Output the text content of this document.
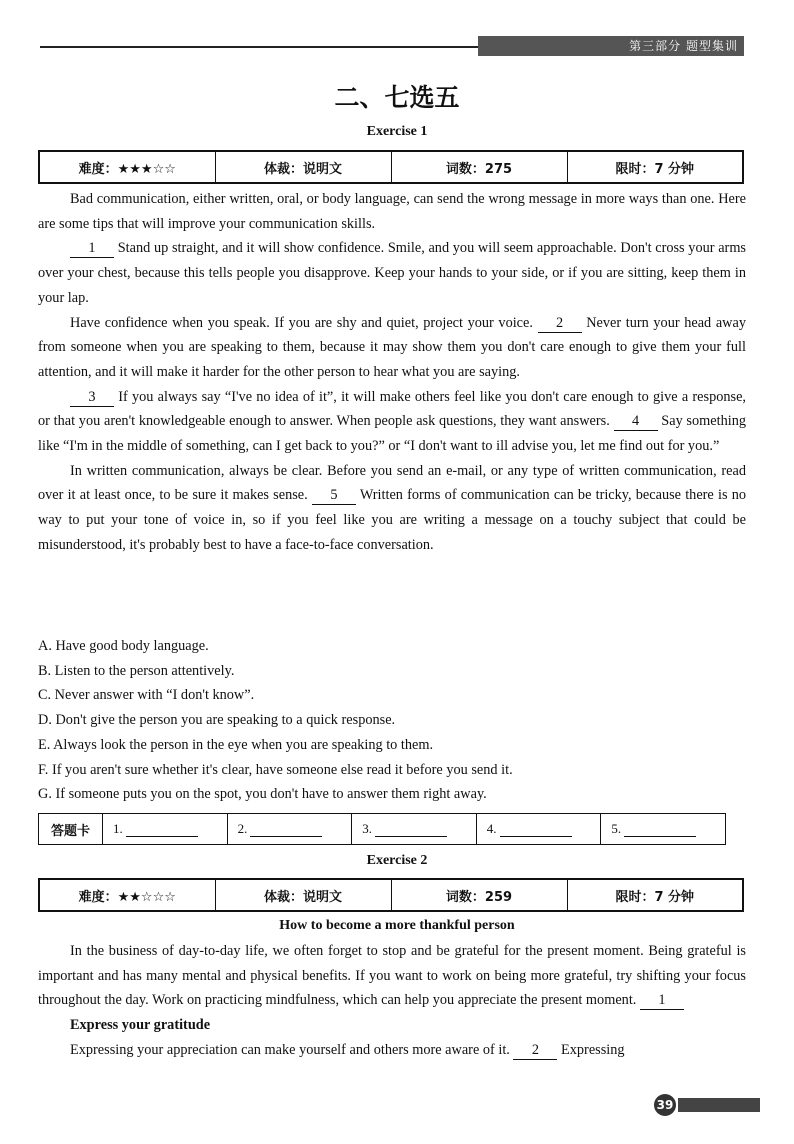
第三部分 题型集训
二、七选五
Exercise 1
难度：★★★☆☆	体裁：说明文	词数：275	限时：7 分钟

Bad communication, either written, oral, or body language, can send the wrong message in more ways than one. Here are some tips that will improve your communication skills.

1 Stand up straight, and it will show confidence. Smile, and you will seem approachable. Don't cross your arms over your chest, because this tells people you disapprove. Keep your hands to your side, or if you are sitting, keep them in your lap.

Have confidence when you speak. If you are shy and quiet, project your voice. 2 Never turn your head away from someone when you are speaking to them, because it may show them you don't care enough to give them your full attention, and it will make it harder for the other person to hear what you are saying.

3 If you always say “I've no idea of it”, it will make others feel like you don't care enough to give a response, or that you aren't knowledgeable enough to answer. When people ask questions, they want answers. 4 Say something like “I'm in the middle of something, can I get back to you?” or “I don't want to ill advise you, let me find out for you.”

In written communication, always be clear. Before you send an e-mail, or any type of written communication, read over it at least once, to be sure it makes sense. 5 Written forms of communication can be tricky, because there is no way to put your tone of voice in, so if you feel like you are writing a message on a touchy subject that could be misunderstood, it's probably best to have a face-to-face conversation.

A. Have good body language.
B. Listen to the person attentively.
C. Never answer with “I don't know”.
D. Don't give the person you are speaking to a quick response.
E. Always look the person in the eye when you are speaking to them.
F. If you aren't sure whether it's clear, have someone else read it before you send it.
G. If someone puts you on the spot, you don't have to answer them right away.
答题卡	1.	2.	3.	4.	5.
Exercise 2
难度：★★☆☆☆	体裁：说明文	词数：259	限时：7 分钟
How to become a more thankful person

In the business of day-to-day life, we often forget to stop and be grateful for the present moment. Being grateful is important and has many mental and physical benefits. If you want to work on being more grateful, try shifting your focus throughout the day. Work on practicing mindfulness, which can help you appreciate the present moment. 1

Express your gratitude

Expressing your appreciation can make yourself and others more aware of it. 2 Expressing

39
